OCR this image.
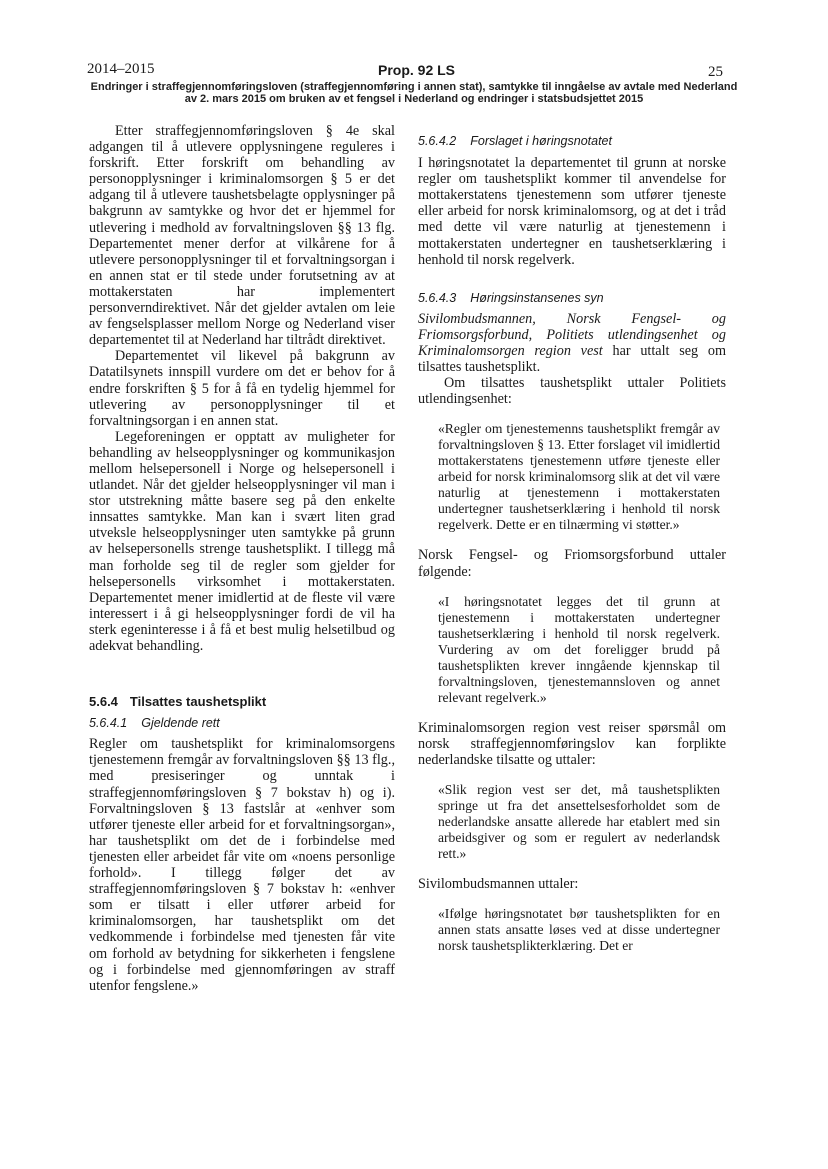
2014–2015	Prop. 92 LS	25
Endringer i straffegjennomføringsloven (straffegjennomføring i annen stat), samtykke til inngåelse av avtale med Nederland
av 2. mars 2015 om bruken av et fengsel i Nederland og endringer i statsbudsjettet 2015

Etter straffegjennomføringsloven § 4e skal adgangen til å utlevere opplysningene reguleres i forskrift. Etter forskrift om behandling av personopplysninger i kriminalomsorgen § 5 er det adgang til å utlevere taushetsbelagte opplysninger på bakgrunn av samtykke og hvor det er hjemmel for utlevering i medhold av forvaltningsloven §§ 13 flg. Departementet mener derfor at vilkårene for å utlevere personopplysninger til et forvaltningsorgan i en annen stat er til stede under forutsetning av at mottakerstaten har implementert personverndirektivet. Når det gjelder avtalen om leie av fengselsplasser mellom Norge og Nederland viser departementet til at Nederland har tiltrådt direktivet.

Departementet vil likevel på bakgrunn av Datatilsynets innspill vurdere om det er behov for å endre forskriften § 5 for å få en tydelig hjemmel for utlevering av personopplysninger til et forvaltningsorgan i en annen stat.

Legeforeningen er opptatt av muligheter for behandling av helseopplysninger og kommunikasjon mellom helsepersonell i Norge og helsepersonell i utlandet. Når det gjelder helseopplysninger vil man i stor utstrekning måtte basere seg på den enkelte innsattes samtykke. Man kan i svært liten grad utveksle helseopplysninger uten samtykke på grunn av helsepersonells strenge taushetsplikt. I tillegg må man forholde seg til de regler som gjelder for helsepersonells virksomhet i mottakerstaten. Departementet mener imidlertid at de fleste vil være interessert i å gi helseopplysninger fordi de vil ha sterk egeninteresse i å få et best mulig helsetilbud og adekvat behandling.

5.6.4 Tilsattes taushetsplikt
5.6.4.1 Gjeldende rett

Regler om taushetsplikt for kriminalomsorgens tjenestemenn fremgår av forvaltningsloven §§ 13 flg., med presiseringer og unntak i straffegjennomføringsloven § 7 bokstav h) og i). Forvaltningsloven § 13 fastslår at «enhver som utfører tjeneste eller arbeid for et forvaltningsorgan», har taushetsplikt om det de i forbindelse med tjenesten eller arbeidet får vite om «noens personlige forhold». I tillegg følger det av straffegjennomføringsloven § 7 bokstav h: «enhver som er tilsatt i eller utfører arbeid for kriminalomsorgen, har taushetsplikt om det vedkommende i forbindelse med tjenesten får vite om forhold av betydning for sikkerheten i fengslene og i forbindelse med gjennomføringen av straff utenfor fengslene.»

5.6.4.2 Forslaget i høringsnotatet

I høringsnotatet la departementet til grunn at norske regler om taushetsplikt kommer til anvendelse for mottakerstatens tjenestemenn som utfører tjeneste eller arbeid for norsk kriminalomsorg, og at det i tråd med dette vil være naturlig at tjenestemenn i mottakerstaten undertegner en taushetserklæring i henhold til norsk regelverk.

5.6.4.3 Høringsinstansenes syn

Sivilombudsmannen, Norsk Fengsel- og Friomsorgsforbund, Politiets utlendingsenhet og Kriminalomsorgen region vest har uttalt seg om tilsattes taushetsplikt.

Om tilsattes taushetsplikt uttaler Politiets utlendingsenhet:

«Regler om tjenestemenns taushetsplikt fremgår av forvaltningsloven § 13. Etter forslaget vil imidlertid mottakerstatens tjenestemenn utføre tjeneste eller arbeid for norsk kriminalomsorg slik at det vil være naturlig at tjenestemenn i mottakerstaten undertegner taushetserklæring i henhold til norsk regelverk. Dette er en tilnærming vi støtter.»

Norsk Fengsel- og Friomsorgsforbund uttaler følgende:

«I høringsnotatet legges det til grunn at tjenestemenn i mottakerstaten undertegner taushetserklæring i henhold til norsk regelverk. Vurdering av om det foreligger brudd på taushetsplikten krever inngående kjennskap til forvaltningsloven, tjenestemannsloven og annet relevant regelverk.»

Kriminalomsorgen region vest reiser spørsmål om norsk straffegjennomføringslov kan forplikte nederlandske tilsatte og uttaler:

«Slik region vest ser det, må taushetsplikten springe ut fra det ansettelsesforholdet som de nederlandske ansatte allerede har etablert med sin arbeidsgiver og som er regulert av nederlandsk rett.»

Sivilombudsmannen uttaler:

«Ifølge høringsnotatet bør taushetsplikten for en annen stats ansatte løses ved at disse undertegner norsk taushetsplikterklæring. Det er
